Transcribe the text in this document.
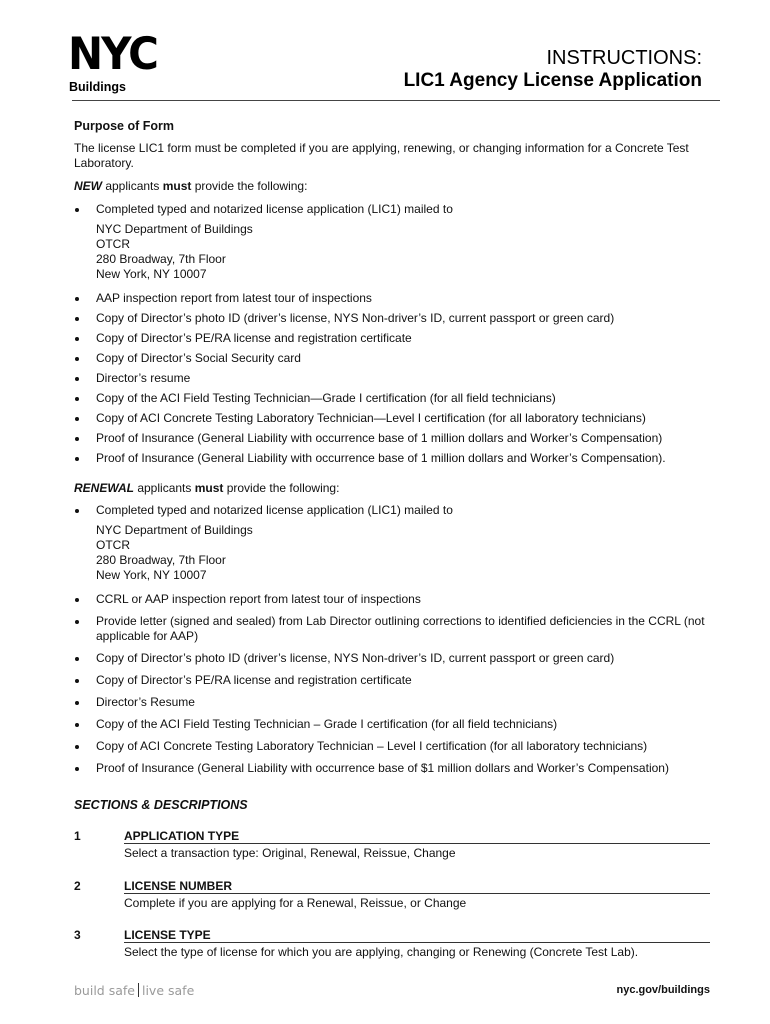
NYC
Buildings
INSTRUCTIONS:
LIC1 Agency License Application
Purpose of Form
The license LIC1 form must be completed if you are applying, renewing, or changing information for a Concrete Test Laboratory.
NEW applicants must provide the following:
Completed typed and notarized license application (LIC1) mailed to
NYC Department of Buildings
OTCR
280 Broadway, 7th Floor
New York, NY 10007
AAP inspection report from latest tour of inspections
Copy of Director’s photo ID (driver’s license, NYS Non-driver’s ID, current passport or green card)
Copy of Director’s PE/RA license and registration certificate
Copy of Director’s Social Security card
Director’s resume
Copy of the ACI Field Testing Technician—Grade I certification (for all field technicians)
Copy of ACI Concrete Testing Laboratory Technician—Level I certification (for all laboratory technicians)
Proof of Insurance (General Liability with occurrence base of 1 million dollars and Worker’s Compensation)
Proof of Insurance (General Liability with occurrence base of 1 million dollars and Worker’s Compensation).
RENEWAL applicants must provide the following:
Completed typed and notarized license application (LIC1) mailed to
NYC Department of Buildings
OTCR
280 Broadway, 7th Floor
New York, NY 10007
CCRL or AAP inspection report from latest tour of inspections
Provide letter (signed and sealed) from Lab Director outlining corrections to identified deficiencies in the CCRL (not applicable for AAP)
Copy of Director’s photo ID (driver’s license, NYS Non-driver’s ID, current passport or green card)
Copy of Director’s PE/RA license and registration certificate
Director’s Resume
Copy of the ACI Field Testing Technician – Grade I certification (for all field technicians)
Copy of ACI Concrete Testing Laboratory Technician – Level I certification (for all laboratory technicians)
Proof of Insurance (General Liability with occurrence base of $1 million dollars and Worker’s Compensation)
SECTIONS & DESCRIPTIONS
1	APPLICATION TYPE
Select a transaction type: Original, Renewal, Reissue, Change
2	LICENSE NUMBER
Complete if you are applying for a Renewal, Reissue, or Change
3	LICENSE TYPE
Select the type of license for which you are applying, changing or Renewing (Concrete Test Lab).
build safe live safe	nyc.gov/buildings
